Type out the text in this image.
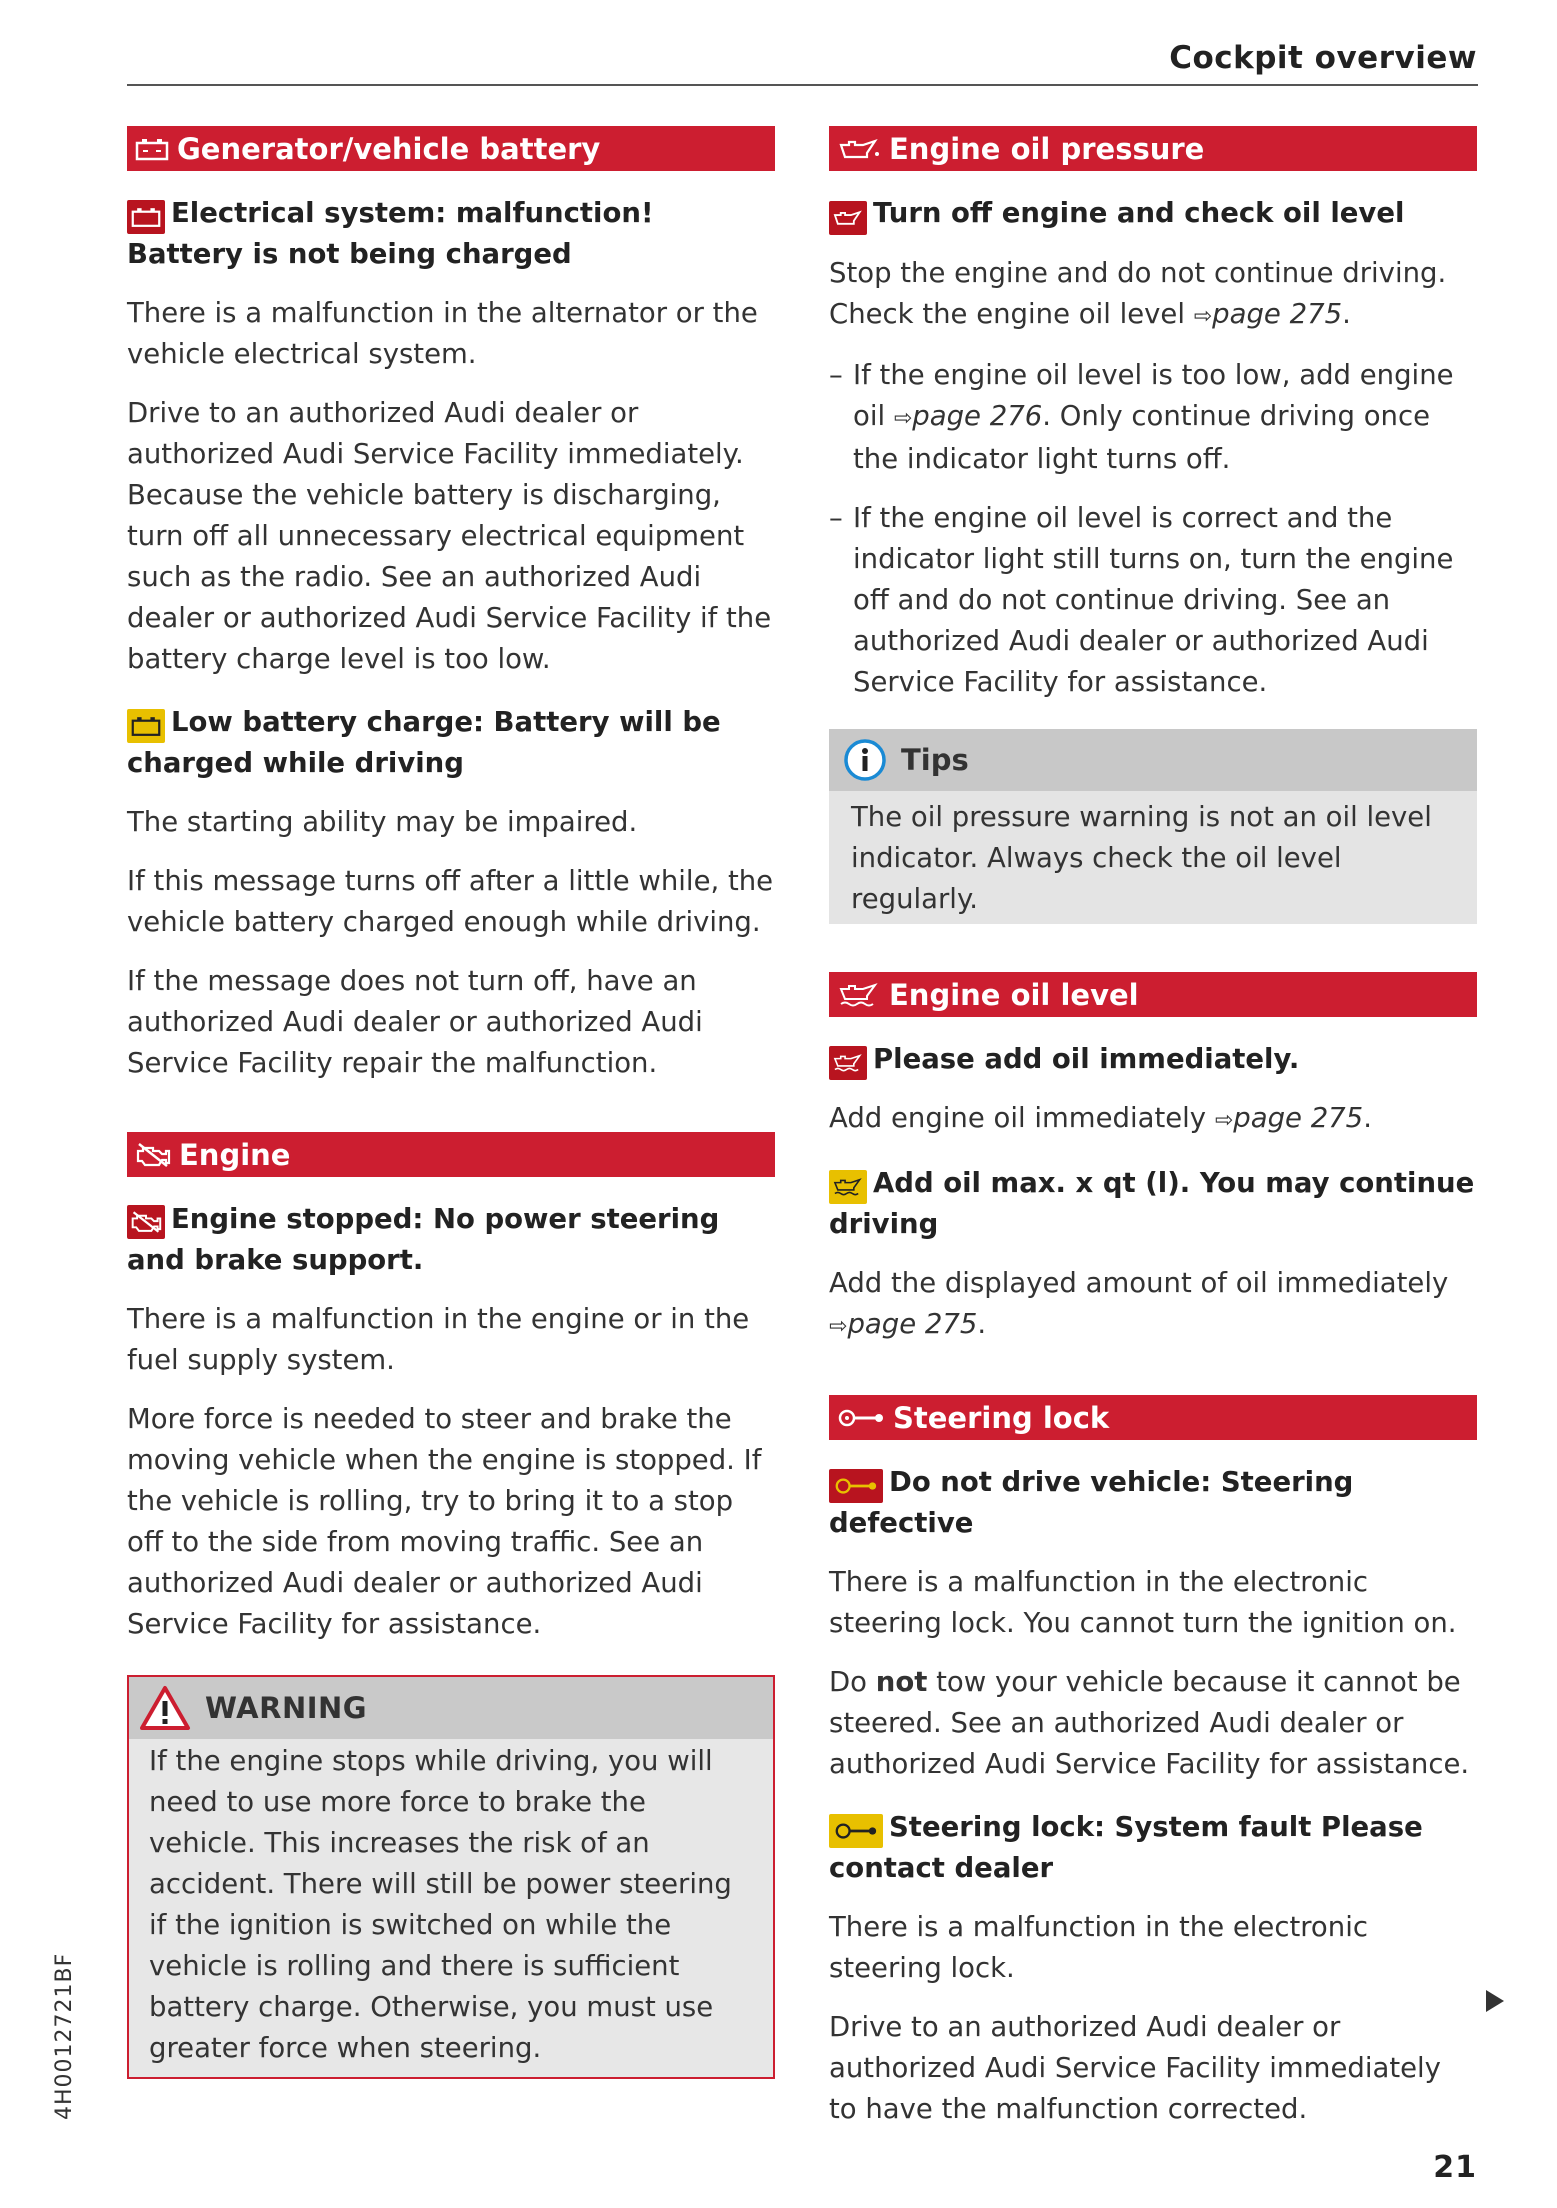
Cockpit overview
Generator/vehicle battery
Electrical system: malfunction! Battery is not being charged

There is a malfunction in the alternator or the vehicle electrical system.

Drive to an authorized Audi dealer or authorized Audi Service Facility immediately. Because the vehicle battery is discharging, turn off all unnecessary electrical equipment such as the radio. See an authorized Audi dealer or authorized Audi Service Facility if the battery charge level is too low.

Low battery charge: Battery will be charged while driving

The starting ability may be impaired.

If this message turns off after a little while, the vehicle battery charged enough while driving.

If the message does not turn off, have an authorized Audi dealer or authorized Audi Service Facility repair the malfunction.

Engine
Engine stopped: No power steering and brake support.

There is a malfunction in the engine or in the fuel supply system.

More force is needed to steer and brake the moving vehicle when the engine is stopped. If the vehicle is rolling, try to bring it to a stop off to the side from moving traffic. See an authorized Audi dealer or authorized Audi Service Facility for assistance.

WARNING
If the engine stops while driving, you will need to use more force to brake the vehicle. This increases the risk of an accident. There will still be power steering if the ignition is switched on while the vehicle is rolling and there is sufficient battery charge. Otherwise, you must use greater force when steering.
Engine oil pressure
Turn off engine and check oil level

Stop the engine and do not continue driving. Check the engine oil level ⇨page 275.

– If the engine oil level is too low, add engine oil ⇨page 276. Only continue driving once the indicator light turns off.

– If the engine oil level is correct and the indicator light still turns on, turn the engine off and do not continue driving. See an authorized Audi dealer or authorized Audi Service Facility for assistance.

Tips
The oil pressure warning is not an oil level indicator. Always check the oil level regularly.
Engine oil level
Please add oil immediately.

Add engine oil immediately ⇨page 275.

Add oil max. x qt (l). You may continue driving

Add the displayed amount of oil immediately ⇨page 275.

Steering lock
Do not drive vehicle: Steering defective

There is a malfunction in the electronic steering lock. You cannot turn the ignition on.

Do not tow your vehicle because it cannot be steered. See an authorized Audi dealer or authorized Audi Service Facility for assistance.

Steering lock: System fault Please contact dealer

There is a malfunction in the electronic steering lock.

Drive to an authorized Audi dealer or authorized Audi Service Facility immediately to have the malfunction corrected.

4H0012721BF
21
